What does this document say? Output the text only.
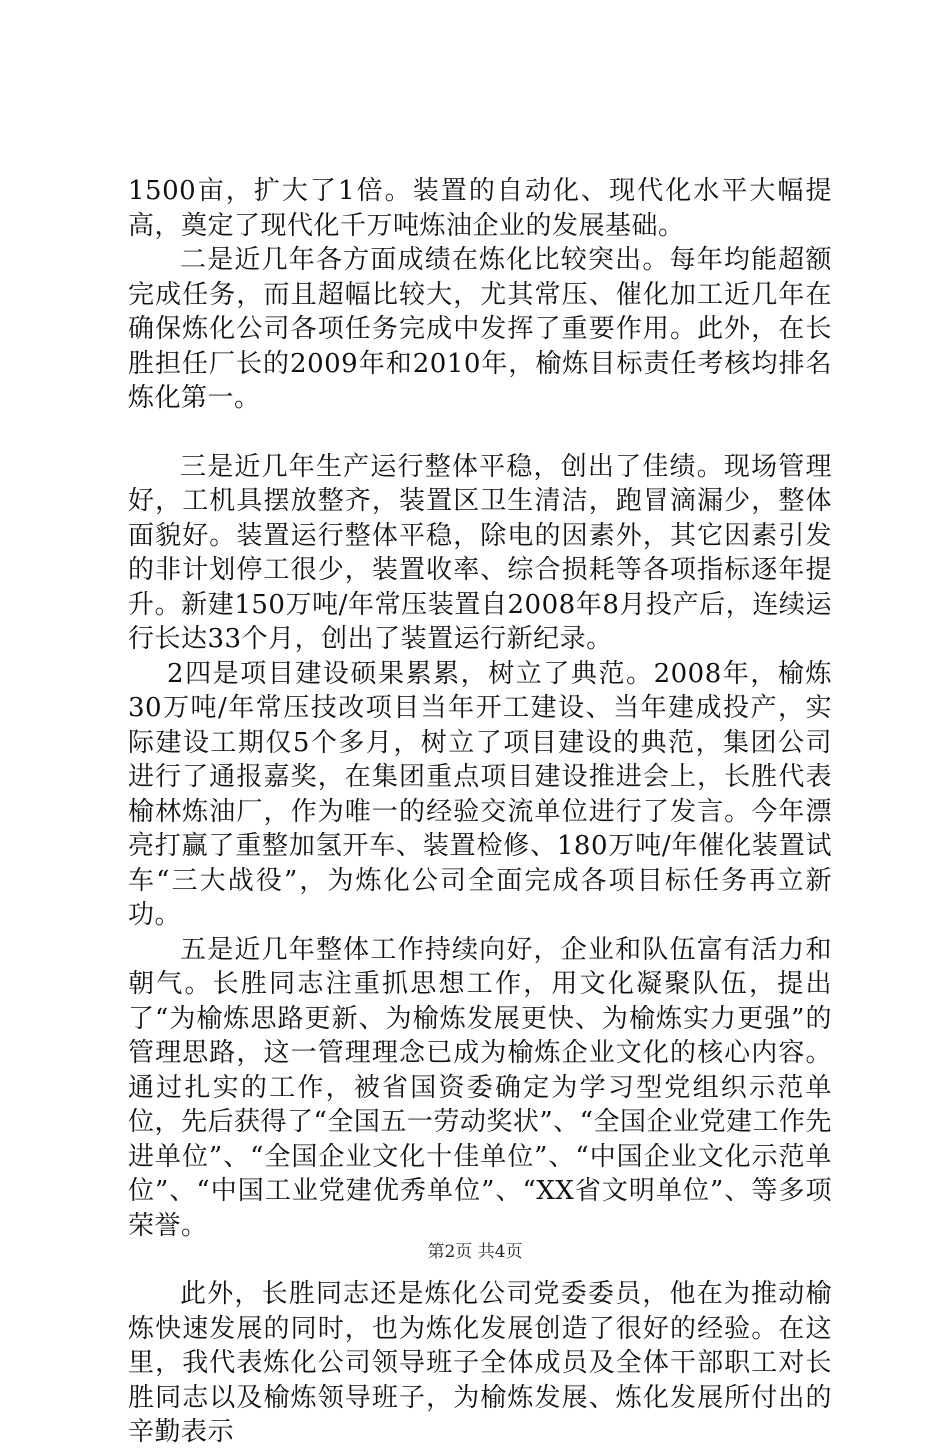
1500亩，扩大了1倍。装置的自动化、现代化水平大幅提高，奠定了现代化千万吨炼油企业的发展基础。

二是近几年各方面成绩在炼化比较突出。每年均能超额完成任务，而且超幅比较大，尤其常压、催化加工近几年在确保炼化公司各项任务完成中发挥了重要作用。此外，在长胜担任厂长的2009年和2010年，榆炼目标责任考核均排名炼化第一。

三是近几年生产运行整体平稳，创出了佳绩。现场管理好，工机具摆放整齐，装置区卫生清洁，跑冒滴漏少，整体面貌好。装置运行整体平稳，除电的因素外，其它因素引发的非计划停工很少，装置收率、综合损耗等各项指标逐年提升。新建150万吨/年常压装置自2008年8月投产后，连续运行长达33个月，创出了装置运行新纪录。

2四是项目建设硕果累累，树立了典范。2008年，榆炼30万吨/年常压技改项目当年开工建设、当年建成投产，实际建设工期仅5个多月，树立了项目建设的典范，集团公司进行了通报嘉奖，在集团重点项目建设推进会上，长胜代表榆林炼油厂，作为唯一的经验交流单位进行了发言。今年漂亮打赢了重整加氢开车、装置检修、180万吨/年催化装置试车“三大战役”，为炼化公司全面完成各项目标任务再立新功。

五是近几年整体工作持续向好，企业和队伍富有活力和朝气。长胜同志注重抓思想工作，用文化凝聚队伍，提出了“为榆炼思路更新、为榆炼发展更快、为榆炼实力更强”的管理思路，这一管理理念已成为榆炼企业文化的核心内容。通过扎实的工作，被省国资委确定为学习型党组织示范单位，先后获得了“全国五一劳动奖状”、“全国企业党建工作先进单位”、“全国企业文化十佳单位”、“中国企业文化示范单位”、“中国工业党建优秀单位”、“XX省文明单位”、等多项荣誉。

此外，长胜同志还是炼化公司党委委员，他在为推动榆炼快速发展的同时，也为炼化发展创造了很好的经验。在这里，我代表炼化公司领导班子全体成员及全体干部职工对长胜同志以及榆炼领导班子，为榆炼发展、炼化发展所付出的辛勤表示

第2页 共4页
